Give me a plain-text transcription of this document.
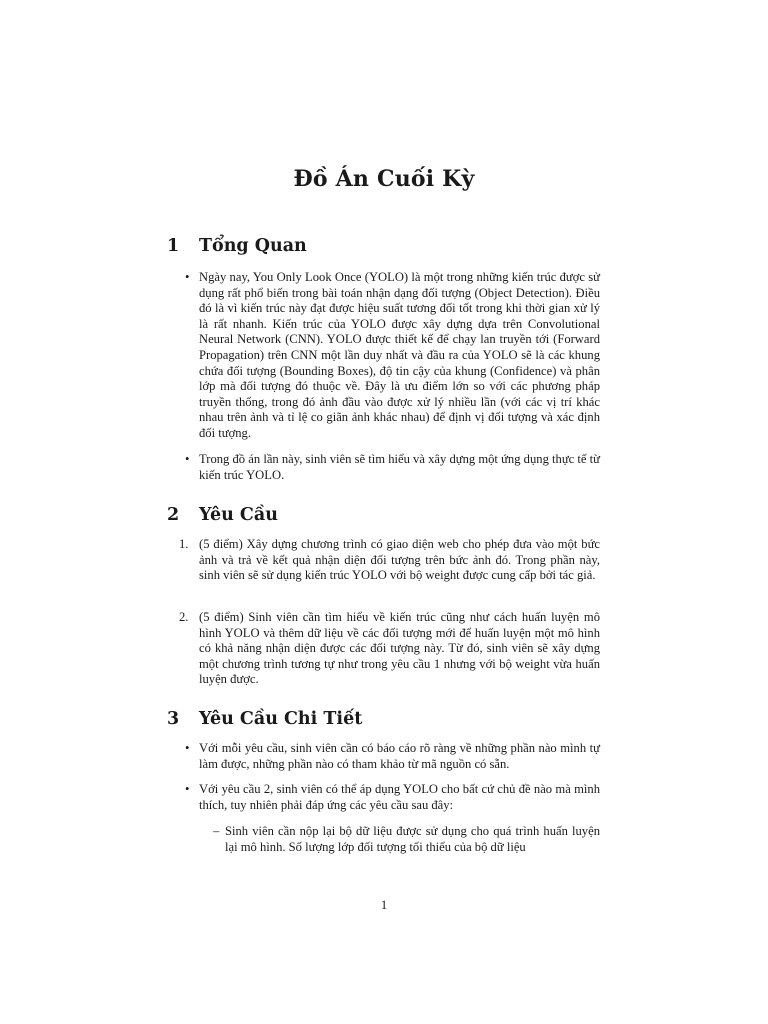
Đồ Án Cuối Kỳ
1 Tổng Quan
• Ngày nay, You Only Look Once (YOLO) là một trong những kiến trúc được sử dụng rất phổ biến trong bài toán nhận dạng đối tượng (Object Detection). Điều đó là vì kiến trúc này đạt được hiệu suất tương đối tốt trong khi thời gian xử lý là rất nhanh. Kiến trúc của YOLO được xây dựng dựa trên Convolutional Neural Network (CNN). YOLO được thiết kế để chạy lan truyền tới (Forward Propagation) trên CNN một lần duy nhất và đầu ra của YOLO sẽ là các khung chứa đối tượng (Bounding Boxes), độ tin cậy của khung (Confidence) và phân lớp mà đối tượng đó thuộc về. Đây là ưu điểm lớn so với các phương pháp truyền thống, trong đó ảnh đầu vào được xử lý nhiều lần (với các vị trí khác nhau trên ảnh và tỉ lệ co giãn ảnh khác nhau) để định vị đối tượng và xác định đối tượng.
• Trong đồ án lần này, sinh viên sẽ tìm hiểu và xây dựng một ứng dụng thực tế từ kiến trúc YOLO.
2 Yêu Cầu
1. (5 điểm) Xây dựng chương trình có giao diện web cho phép đưa vào một bức ảnh và trả về kết quả nhận diện đối tượng trên bức ảnh đó. Trong phần này, sinh viên sẽ sử dụng kiến trúc YOLO với bộ weight được cung cấp bởi tác giả.
2. (5 điểm) Sinh viên cần tìm hiểu về kiến trúc cũng như cách huấn luyện mô hình YOLO và thêm dữ liệu về các đối tượng mới để huấn luyện một mô hình có khả năng nhận diện được các đối tượng này. Từ đó, sinh viên sẽ xây dựng một chương trình tương tự như trong yêu cầu 1 nhưng với bộ weight vừa huấn luyện được.
3 Yêu Cầu Chi Tiết
• Với mỗi yêu cầu, sinh viên cần có báo cáo rõ ràng về những phần nào mình tự làm được, những phần nào có tham khảo từ mã nguồn có sẵn.
• Với yêu cầu 2, sinh viên có thể áp dụng YOLO cho bất cứ chủ đề nào mà mình thích, tuy nhiên phải đáp ứng các yêu cầu sau đây:
– Sinh viên cần nộp lại bộ dữ liệu được sử dụng cho quá trình huấn luyện lại mô hình. Số lượng lớp đối tượng tối thiểu của bộ dữ liệu
1
